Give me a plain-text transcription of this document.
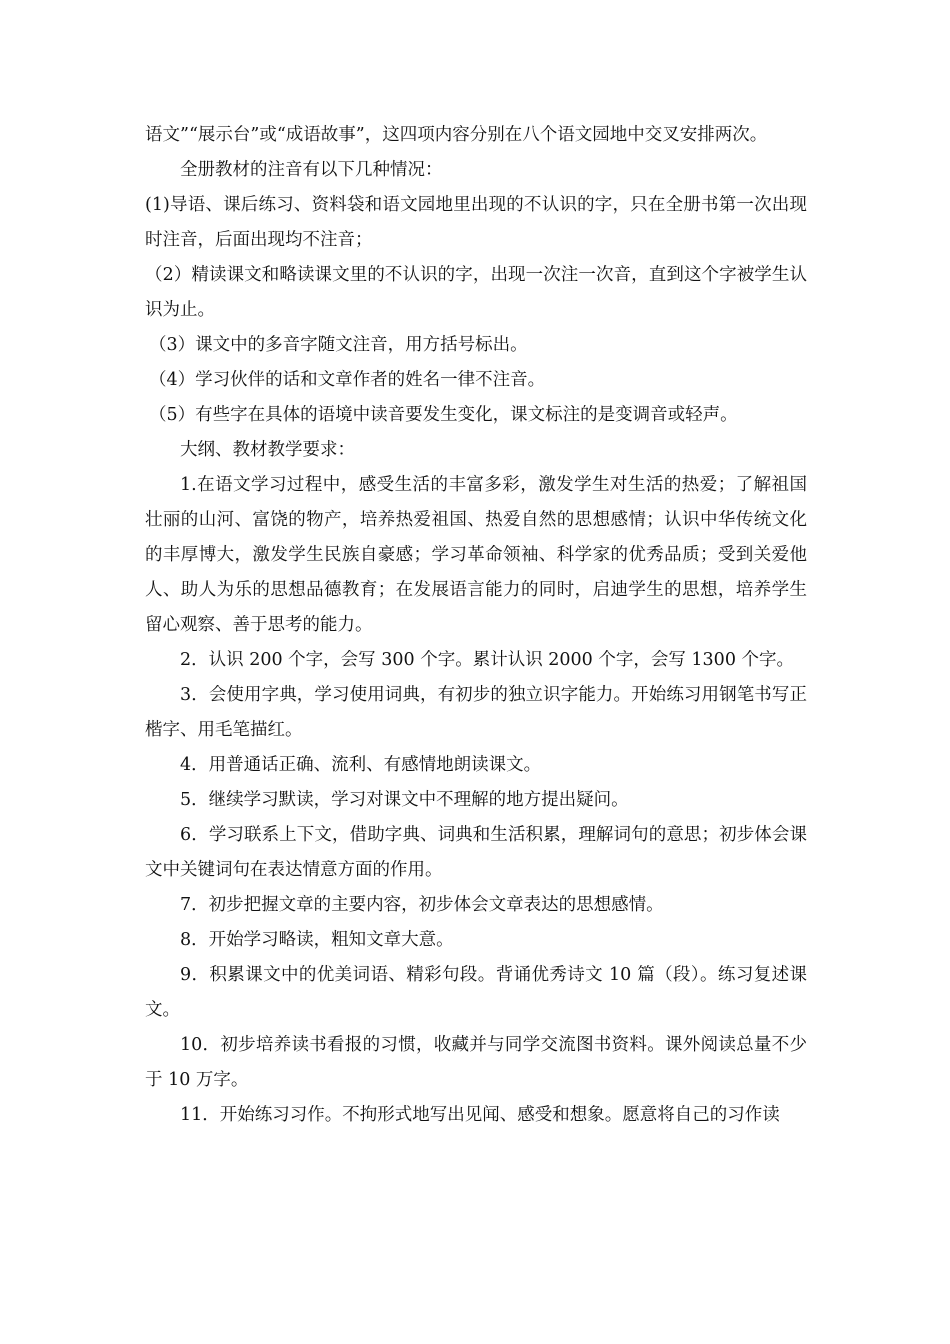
语文”“展示台”或“成语故事”，这四项内容分别在八个语文园地中交叉安排两次。

全册教材的注音有以下几种情况：

(1)导语、课后练习、资料袋和语文园地里出现的不认识的字，只在全册书第一次出现时注音，后面出现均不注音；

（2）精读课文和略读课文里的不认识的字，出现一次注一次音，直到这个字被学生认识为止。

（3）课文中的多音字随文注音，用方括号标出。

（4）学习伙伴的话和文章作者的姓名一律不注音。

（5）有些字在具体的语境中读音要发生变化，课文标注的是变调音或轻声。

大纲、教材教学要求：

1.在语文学习过程中，感受生活的丰富多彩，激发学生对生活的热爱；了解祖国壮丽的山河、富饶的物产，培养热爱祖国、热爱自然的思想感情；认识中华传统文化的丰厚博大，激发学生民族自豪感；学习革命领袖、科学家的优秀品质；受到关爱他人、助人为乐的思想品德教育；在发展语言能力的同时，启迪学生的思想，培养学生留心观察、善于思考的能力。

2．认识 200 个字，会写 300 个字。累计认识 2000 个字，会写 1300 个字。

3．会使用字典，学习使用词典，有初步的独立识字能力。开始练习用钢笔书写正楷字、用毛笔描红。

4．用普通话正确、流利、有感情地朗读课文。

5．继续学习默读，学习对课文中不理解的地方提出疑问。

6．学习联系上下文，借助字典、词典和生活积累，理解词句的意思；初步体会课文中关键词句在表达情意方面的作用。

7．初步把握文章的主要内容，初步体会文章表达的思想感情。

8．开始学习略读，粗知文章大意。

9．积累课文中的优美词语、精彩句段。背诵优秀诗文 10 篇（段）。练习复述课文。

10．初步培养读书看报的习惯，收藏并与同学交流图书资料。课外阅读总量不少于 10 万字。

11．开始练习习作。不拘形式地写出见闻、感受和想象。愿意将自己的习作读
